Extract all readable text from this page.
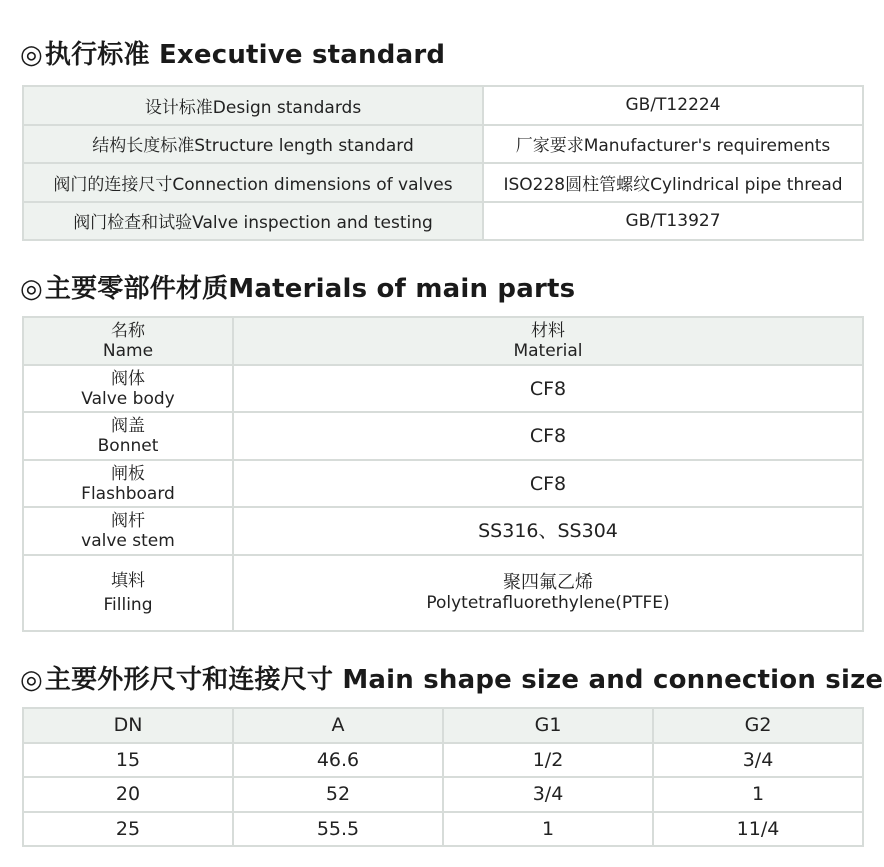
◎执行标准 Executive standard
设计标准Design standards	GB/T12224
结构长度标准Structure length standard	厂家要求Manufacturer's requirements
阀门的连接尺寸Connection dimensions of valves	ISO228圆柱管螺纹Cylindrical pipe thread
阀门检查和试验Valve inspection and testing	GB/T13927
◎主要零部件材质Materials of main parts
名称
Name	材料
Material

阀体
Valve body	CF8

阀盖
Bonnet	CF8

闸板
Flashboard	CF8

阀杆
valve stem	SS316、SS304

填料
Filling	聚四氟乙烯
Polytetrafluorethylene(PTFE)
◎主要外形尺寸和连接尺寸 Main shape size and connection size
DN	A	G1	G2
15	46.6	1/2	3/4
20	52	3/4	1
25	55.5	1	11/4
